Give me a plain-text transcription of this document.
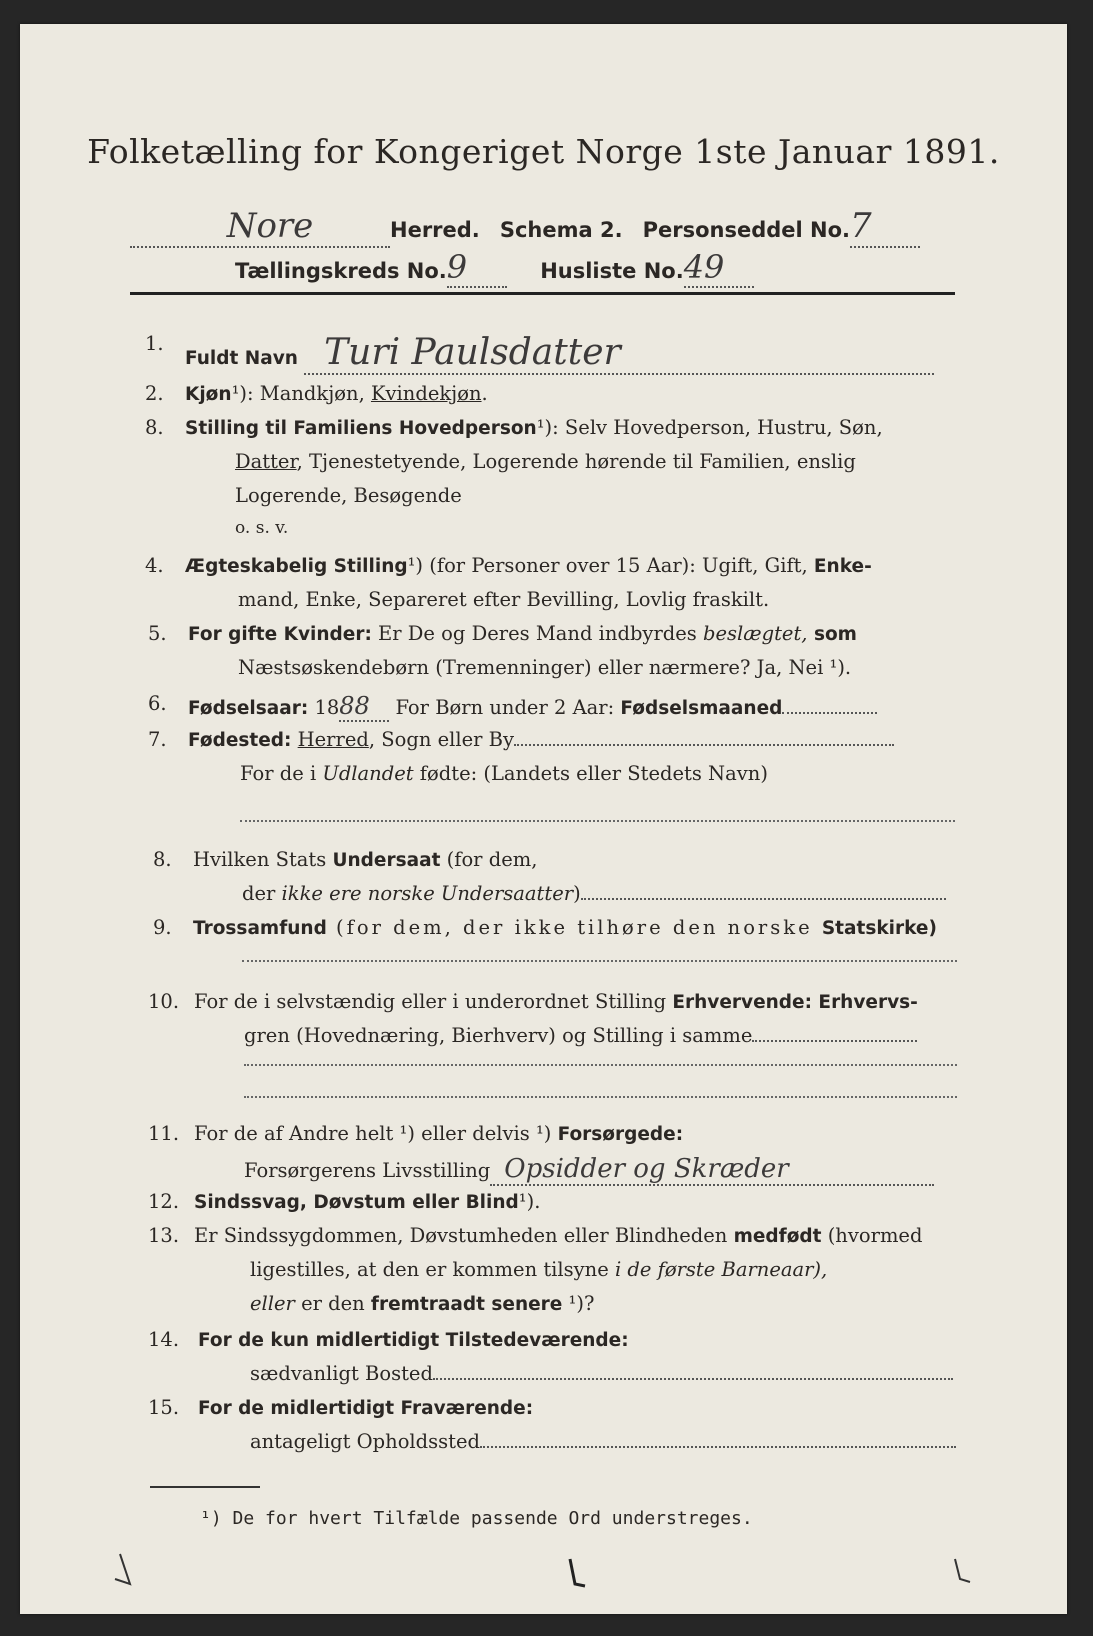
Folketælling for Kongeriget Norge 1ste Januar 1891.
Nore	Herred. Schema 2. Personseddel No.7
Tællingskreds No.9	Husliste No.49
1.
Fuldt Navn Turi Paulsdatter
2.	Kjøn¹): Mandkjøn, Kvindekjøn.
8.	Stilling til Familiens Hovedperson¹): Selv Hovedperson, Hustru, Søn,
Datter, Tjenestetyende, Logerende hørende til Familien, enslig
Logerende, Besøgende
o. s. v.
4.	Ægteskabelig Stilling¹) (for Personer over 15 Aar): Ugift, Gift, Enke-
mand, Enke, Separeret efter Bevilling, Lovlig fraskilt.
5.	For gifte Kvinder: Er De og Deres Mand indbyrdes beslægtet, som
Næstsøskendebørn (Tremenninger) eller nærmere? Ja, Nei ¹).
6.	Fødselsaar: 1888 For Børn under 2 Aar: Fødselsmaaned
7.	Fødested: Herred, Sogn eller By
For de i Udlandet fødte: (Landets eller Stedets Navn)
8.	Hvilken Stats Undersaat (for dem,
der ikke ere norske Undersaatter)
9.	Trossamfund (for dem, der ikke tilhøre den norske Statskirke)
10. For de i selvstændig eller i underordnet Stilling Erhvervende: Erhvervs-
gren (Hovednæring, Bierhverv) og Stilling i samme
11. For de af Andre helt ¹) eller delvis ¹) Forsørgede:
Forsørgerens Livsstilling Opsidder og Skræder
12. Sindssvag, Døvstum eller Blind¹).
13. Er Sindssygdommen, Døvstumheden eller Blindheden medfødt (hvormed
ligestilles, at den er kommen tilsyne i de første Barneaar),
eller er den fremtraadt senere ¹)?
14.	For de kun midlertidigt Tilstedeværende:
sædvanligt Bosted
15.	For de midlertidigt Fraværende:
antageligt Opholdssted
¹) De for hvert Tilfælde passende Ord understreges.
